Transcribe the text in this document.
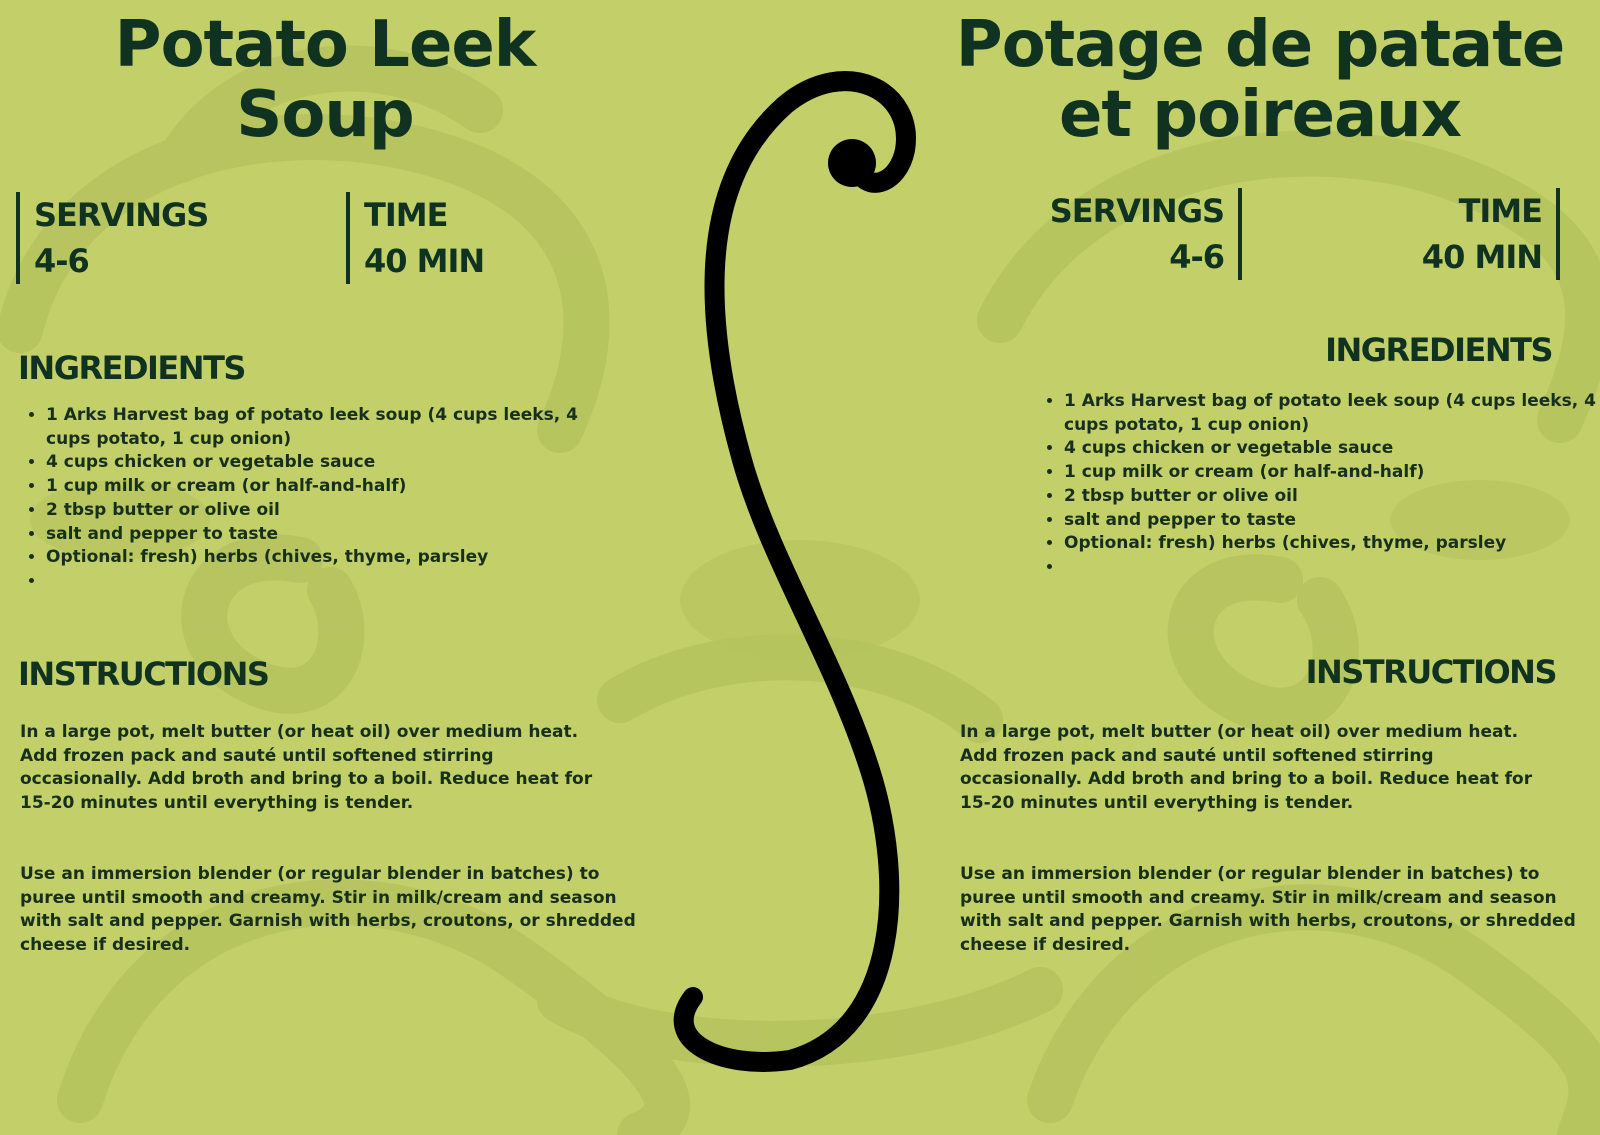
Potato Leek
Soup
SERVINGS
4-6
TIME
40 MIN
INGREDIENTS
• 1 Arks Harvest bag of potato leek soup (4 cups leeks, 4 cups potato, 1 cup onion)
• 4 cups chicken or vegetable sauce
• 1 cup milk or cream (or half-and-half)
• 2 tbsp butter or olive oil
• salt and pepper to taste
• Optional: fresh) herbs (chives, thyme, parsley
•
INSTRUCTIONS

In a large pot, melt butter (or heat oil) over medium heat. Add frozen pack and sauté until softened stirring occasionally. Add broth and bring to a boil. Reduce heat for 15-20 minutes until everything is tender.

Use an immersion blender (or regular blender in batches) to puree until smooth and creamy. Stir in milk/cream and season with salt and pepper. Garnish with herbs, croutons, or shredded cheese if desired.

Potage de patate
et poireaux
SERVINGS
4-6
TIME
40 MIN
INGREDIENTS
• 1 Arks Harvest bag of potato leek soup (4 cups leeks, 4 cups potato, 1 cup onion)
• 4 cups chicken or vegetable sauce
• 1 cup milk or cream (or half-and-half)
• 2 tbsp butter or olive oil
• salt and pepper to taste
• Optional: fresh) herbs (chives, thyme, parsley
•
INSTRUCTIONS

In a large pot, melt butter (or heat oil) over medium heat. Add frozen pack and sauté until softened stirring occasionally. Add broth and bring to a boil. Reduce heat for 15-20 minutes until everything is tender.

Use an immersion blender (or regular blender in batches) to puree until smooth and creamy. Stir in milk/cream and season with salt and pepper. Garnish with herbs, croutons, or shredded cheese if desired.
